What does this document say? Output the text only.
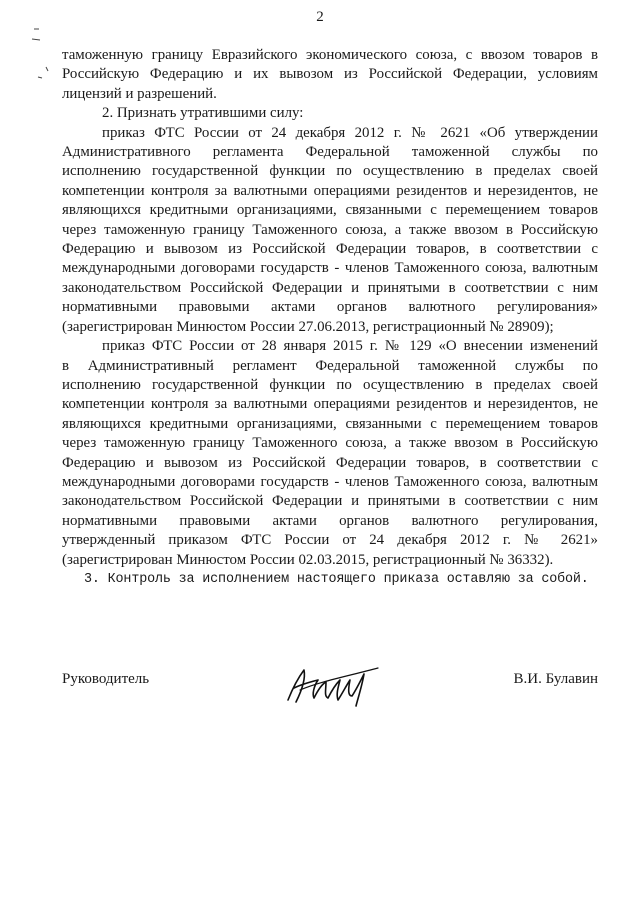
2

таможенную границу Евразийского экономического союза, с ввозом товаров в
Российскую Федерацию и их вывозом из Российской Федерации, условиям
лицензий и разрешений.

2. Признать утратившими силу:

приказ ФТС России от 24 декабря 2012 г. № 2621 «Об утверждении
Административного регламента Федеральной таможенной службы по
исполнению государственной функции по осуществлению в пределах своей
компетенции контроля за валютными операциями резидентов и нерезидентов, не
являющихся кредитными организациями, связанными с перемещением товаров
через таможенную границу Таможенного союза, а также ввозом в Российскую
Федерацию и вывозом из Российской Федерации товаров, в соответствии с
международными договорами государств - членов Таможенного союза, валютным
законодательством Российской Федерации и принятыми в соответствии с ним
нормативными правовыми актами органов валютного регулирования»
(зарегистрирован Минюстом России 27.06.2013, регистрационный № 28909);

приказ ФТС России от 28 января 2015 г. № 129 «О внесении изменений
в Административный регламент Федеральной таможенной службы по
исполнению государственной функции по осуществлению в пределах своей
компетенции контроля за валютными операциями резидентов и нерезидентов, не
являющихся кредитными организациями, связанными с перемещением товаров
через таможенную границу Таможенного союза, а также ввозом в Российскую
Федерацию и вывозом из Российской Федерации товаров, в соответствии с
международными договорами государств - членов Таможенного союза, валютным
законодательством Российской Федерации и принятыми в соответствии с ним
нормативными правовыми актами органов валютного регулирования,
утвержденный приказом ФТС России от 24 декабря 2012 г. № 2621»
(зарегистрирован Минюстом России 02.03.2015, регистрационный № 36332).

3. Контроль за исполнением настоящего приказа оставляю за собой.

Руководитель	В.И. Булавин
